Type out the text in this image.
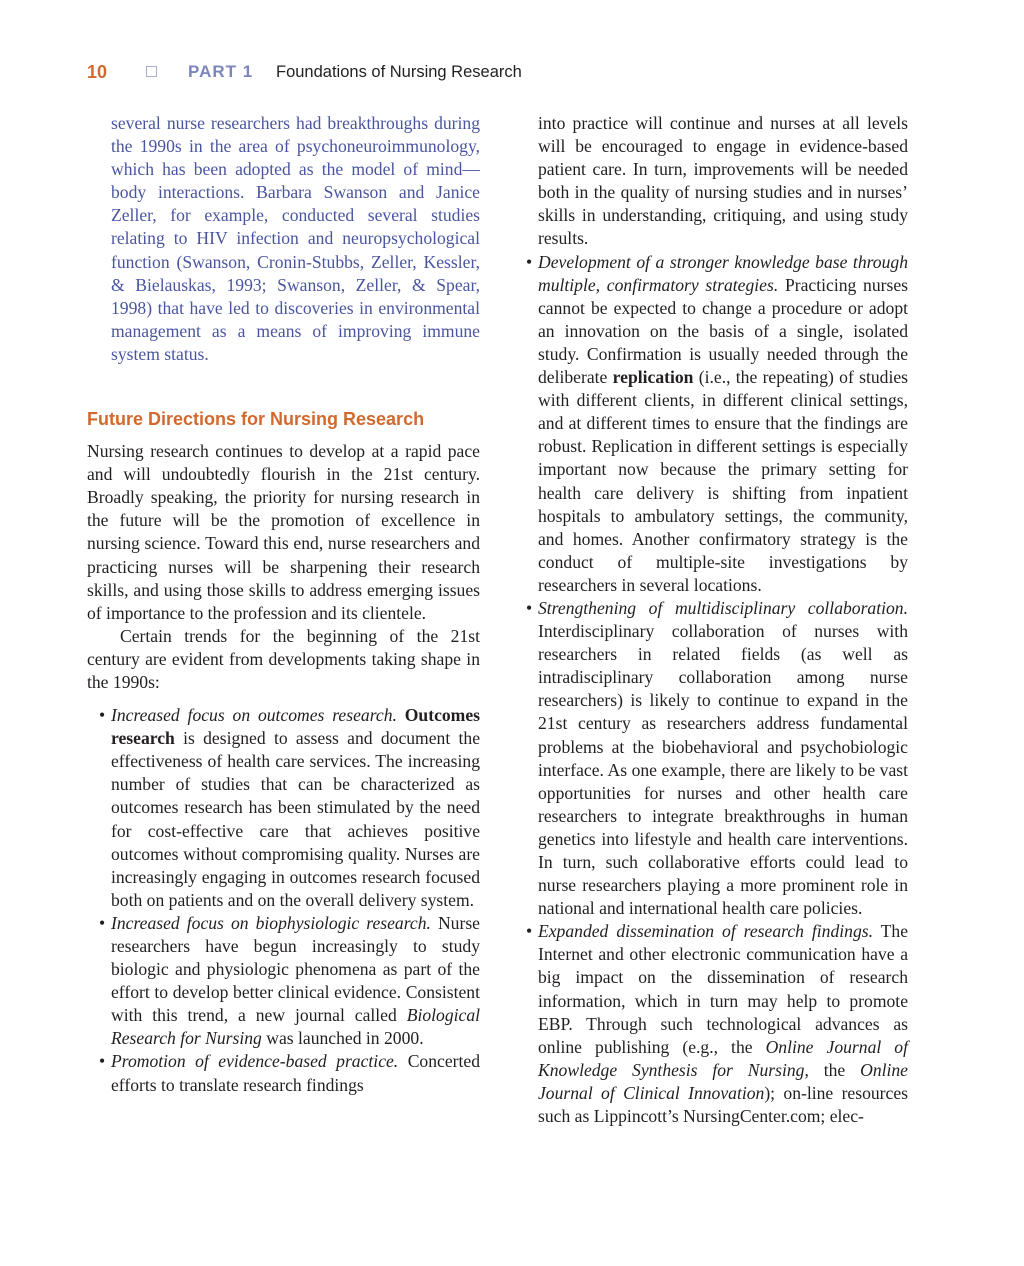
10	PART 1 Foundations of Nursing Research

several nurse researchers had breakthroughs during the 1990s in the area of psychoneuroimmunology, which has been adopted as the model of mind—body interactions. Barbara Swanson and Janice Zeller, for example, conducted several studies relating to HIV infection and neuropsychological function (Swanson, Cronin-Stubbs, Zeller, Kessler, & Bielauskas, 1993; Swanson, Zeller, & Spear, 1998) that have led to discoveries in environmental management as a means of improving immune system status.

Future Directions for Nursing Research

Nursing research continues to develop at a rapid pace and will undoubtedly flourish in the 21st century. Broadly speaking, the priority for nursing research in the future will be the promotion of excellence in nursing science. Toward this end, nurse researchers and practicing nurses will be sharpening their research skills, and using those skills to address emerging issues of importance to the profession and its clientele.

Certain trends for the beginning of the 21st century are evident from developments taking shape in the 1990s:

• Increased focus on outcomes research. Outcomes research is designed to assess and document the effectiveness of health care services. The increasing number of studies that can be characterized as outcomes research has been stimulated by the need for cost-effective care that achieves positive outcomes without compromising quality. Nurses are increasingly engaging in outcomes research focused both on patients and on the overall delivery system.
• Increased focus on biophysiologic research. Nurse researchers have begun increasingly to study biologic and physiologic phenomena as part of the effort to develop better clinical evidence. Consistent with this trend, a new journal called Biological Research for Nursing was launched in 2000.
• Promotion of evidence-based practice. Concerted efforts to translate research findings

into practice will continue and nurses at all levels will be encouraged to engage in evidence-based patient care. In turn, improvements will be needed both in the quality of nursing studies and in nurses’ skills in understanding, critiquing, and using study results.

• Development of a stronger knowledge base through multiple, confirmatory strategies. Practicing nurses cannot be expected to change a procedure or adopt an innovation on the basis of a single, isolated study. Confirmation is usually needed through the deliberate replication (i.e., the repeating) of studies with different clients, in different clinical settings, and at different times to ensure that the findings are robust. Replication in different settings is especially important now because the primary setting for health care delivery is shifting from inpatient hospitals to ambulatory settings, the community, and homes. Another confirmatory strategy is the conduct of multiple-site investigations by researchers in several locations.
• Strengthening of multidisciplinary collaboration. Interdisciplinary collaboration of nurses with researchers in related fields (as well as intradisciplinary collaboration among nurse researchers) is likely to continue to expand in the 21st century as researchers address fundamental problems at the biobehavioral and psychobiologic interface. As one example, there are likely to be vast opportunities for nurses and other health care researchers to integrate breakthroughs in human genetics into lifestyle and health care interventions. In turn, such collaborative efforts could lead to nurse researchers playing a more prominent role in national and international health care policies.
• Expanded dissemination of research findings. The Internet and other electronic communication have a big impact on the dissemination of research information, which in turn may help to promote EBP. Through such technological advances as online publishing (e.g., the Online Journal of Knowledge Synthesis for Nursing, the Online Journal of Clinical Innovation); on-line resources such as Lippincott’s NursingCenter.com; elec-
